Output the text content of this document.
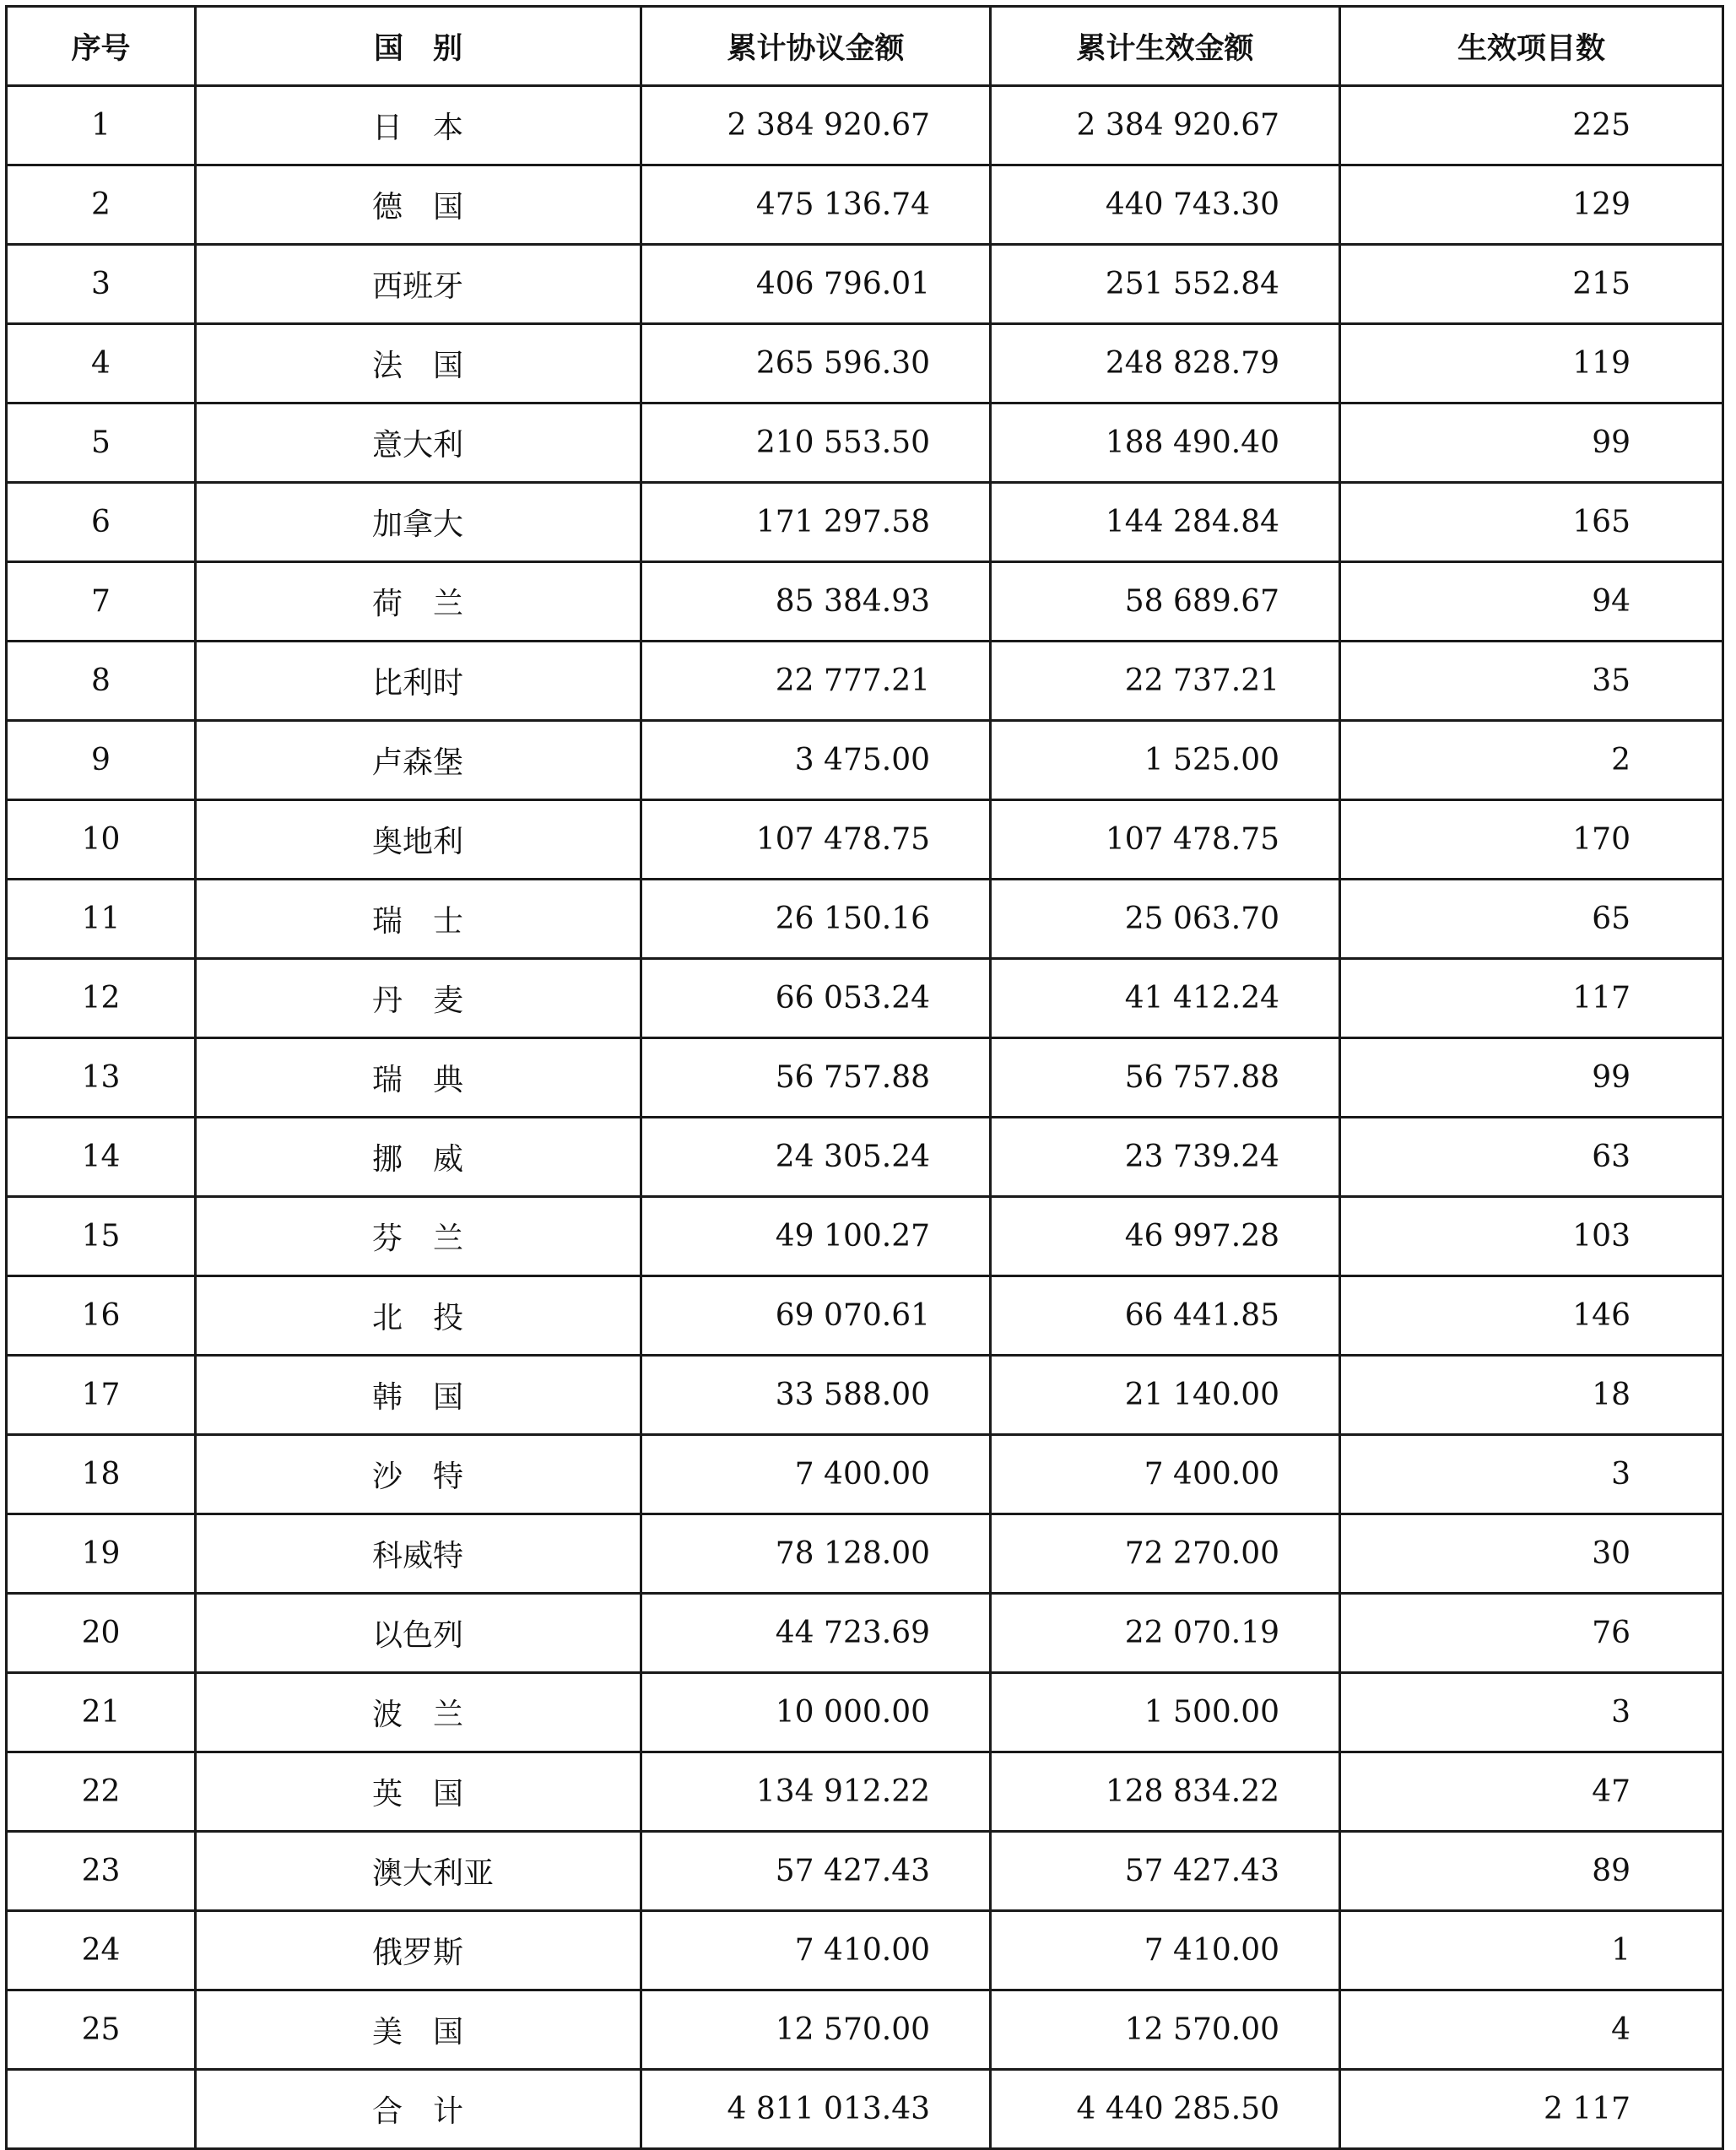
序号	国　别	累计协议金额	累计生效金额	生效项目数
1	日　本	2 384 920.67	2 384 920.67	225
2	德　国	475 136.74	440 743.30	129
3	西班牙	406 796.01	251 552.84	215
4	法　国	265 596.30	248 828.79	119
5	意大利	210 553.50	188 490.40	99
6	加拿大	171 297.58	144 284.84	165
7	荷　兰	85 384.93	58 689.67	94
8	比利时	22 777.21	22 737.21	35
9	卢森堡	3 475.00	1 525.00	2
10	奥地利	107 478.75	107 478.75	170
11	瑞　士	26 150.16	25 063.70	65
12	丹　麦	66 053.24	41 412.24	117
13	瑞　典	56 757.88	56 757.88	99
14	挪　威	24 305.24	23 739.24	63
15	芬　兰	49 100.27	46 997.28	103
16	北　投	69 070.61	66 441.85	146
17	韩　国	33 588.00	21 140.00	18
18	沙　特	7 400.00	7 400.00	3
19	科威特	78 128.00	72 270.00	30
20	以色列	44 723.69	22 070.19	76
21	波　兰	10 000.00	1 500.00	3
22	英　国	134 912.22	128 834.22	47
23	澳大利亚	57 427.43	57 427.43	89
24	俄罗斯	7 410.00	7 410.00	1
25	美　国	12 570.00	12 570.00	4
	合　计	4 811 013.43	4 440 285.50	2 117
